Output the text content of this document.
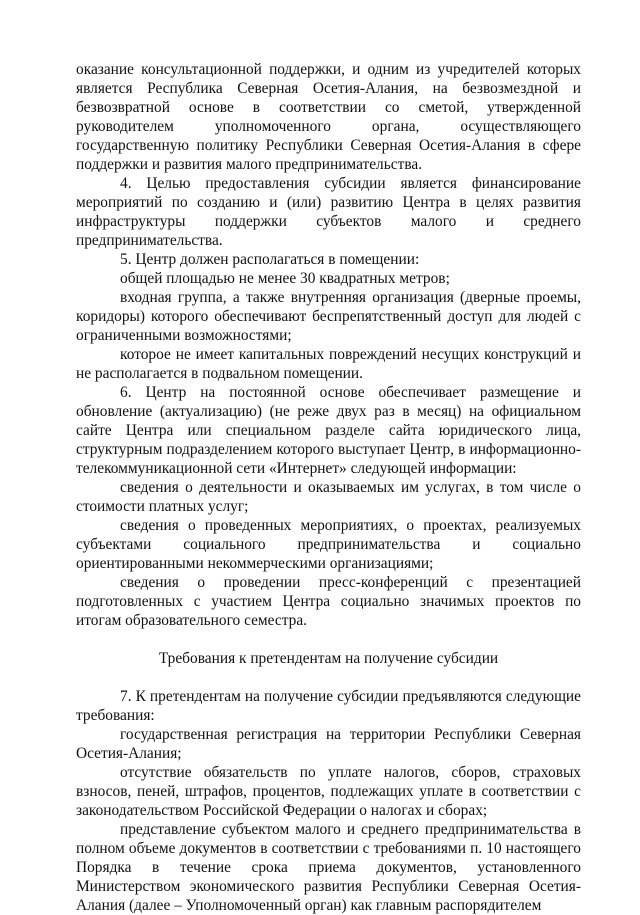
оказание консультационной поддержки, и одним из учредителей которых является Республика Северная Осетия-Алания, на безвозмездной и безвозвратной основе в соответствии со сметой, утвержденной руководителем уполномоченного органа, осуществляющего государственную политику Республики Северная Осетия-Алания в сфере поддержки и развития малого предпринимательства.

4. Целью предоставления субсидии является финансирование мероприятий по созданию и (или) развитию Центра в целях развития инфраструктуры поддержки субъектов малого и среднего предпринимательства.

5. Центр должен располагаться в помещении:

общей площадью не менее 30 квадратных метров;

входная группа, а также внутренняя организация (дверные проемы, коридоры) которого обеспечивают беспрепятственный доступ для людей с ограниченными возможностями;

которое не имеет капитальных повреждений несущих конструкций и не располагается в подвальном помещении.

6. Центр на постоянной основе обеспечивает размещение и обновление (актуализацию) (не реже двух раз в месяц) на официальном сайте Центра или специальном разделе сайта юридического лица, структурным подразделением которого выступает Центр, в информационно-телекоммуникационной сети «Интернет» следующей информации:

сведения о деятельности и оказываемых им услугах, в том числе о стоимости платных услуг;

сведения о проведенных мероприятиях, о проектах, реализуемых субъектами социального предпринимательства и социально ориентированными некоммерческими организациями;

сведения о проведении пресс-конференций с презентацией подготовленных с участием Центра социально значимых проектов по итогам образовательного семестра.

Требования к претендентам на получение субсидии

7. К претендентам на получение субсидии предъявляются следующие требования:

государственная регистрация на территории Республики Северная Осетия-Алания;

отсутствие обязательств по уплате налогов, сборов, страховых взносов, пеней, штрафов, процентов, подлежащих уплате в соответствии с законодательством Российской Федерации о налогах и сборах;

представление субъектом малого и среднего предпринимательства в полном объеме документов в соответствии с требованиями п. 10 настоящего Порядка в течение срока приема документов, установленного Министерством экономического развития Республики Северная Осетия-Алания (далее – Уполномоченный орган) как главным распорядителем
